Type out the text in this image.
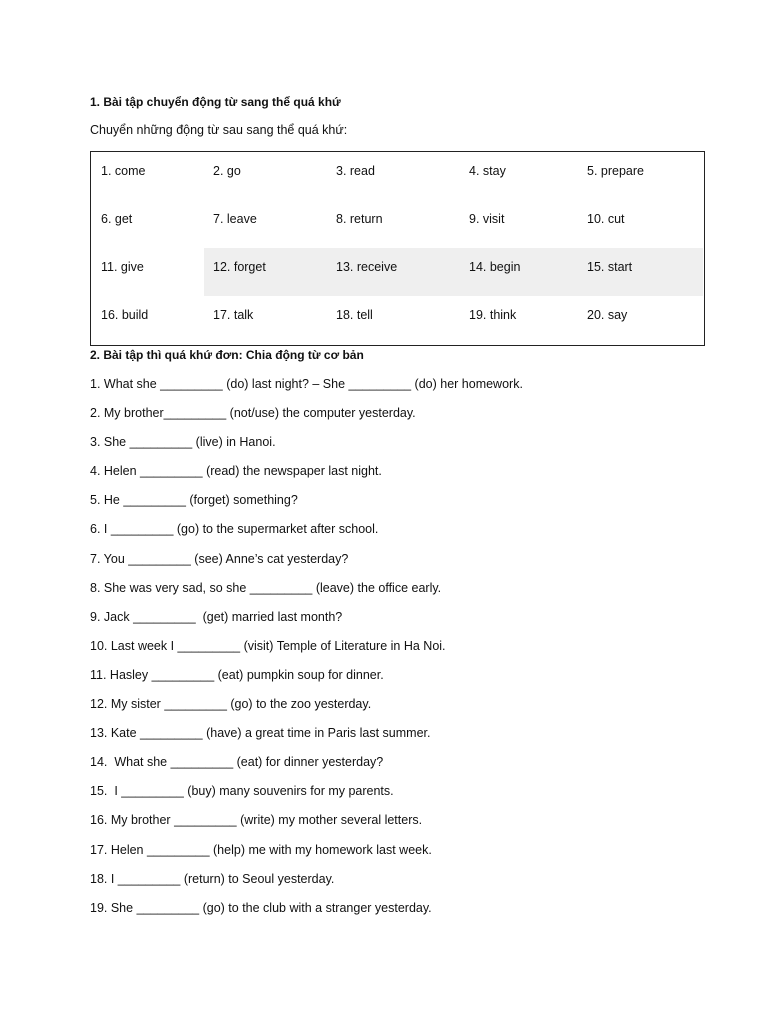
1. Bài tập chuyển động từ sang thể quá khứ
Chuyển những động từ sau sang thể quá khứ:
1. come	2. go	3. read	4. stay	5. prepare
6. get	7. leave	8. return	9. visit	10. cut
11. give	12. forget	13. receive	14. begin	15. start
16. build	17. talk	18. tell	19. think	20. say
2. Bài tập thì quá khứ đơn: Chia động từ cơ bản
1. What she _________ (do) last night? – She _________ (do) her homework.
2. My brother_________ (not/use) the computer yesterday.
3. She _________ (live) in Hanoi.
4. Helen _________ (read) the newspaper last night.
5. He _________ (forget) something?
6. I _________ (go) to the supermarket after school.
7. You _________ (see) Anne’s cat yesterday?
8. She was very sad, so she _________ (leave) the office early.
9. Jack _________  (get) married last month?
10. Last week I _________ (visit) Temple of Literature in Ha Noi.
11. Hasley _________ (eat) pumpkin soup for dinner.
12. My sister _________ (go) to the zoo yesterday.
13. Kate _________ (have) a great time in Paris last summer.
14.  What she _________ (eat) for dinner yesterday?
15.  I _________ (buy) many souvenirs for my parents.
16. My brother _________ (write) my mother several letters.
17. Helen _________ (help) me with my homework last week.
18. I _________ (return) to Seoul yesterday.
19. She _________ (go) to the club with a stranger yesterday.
